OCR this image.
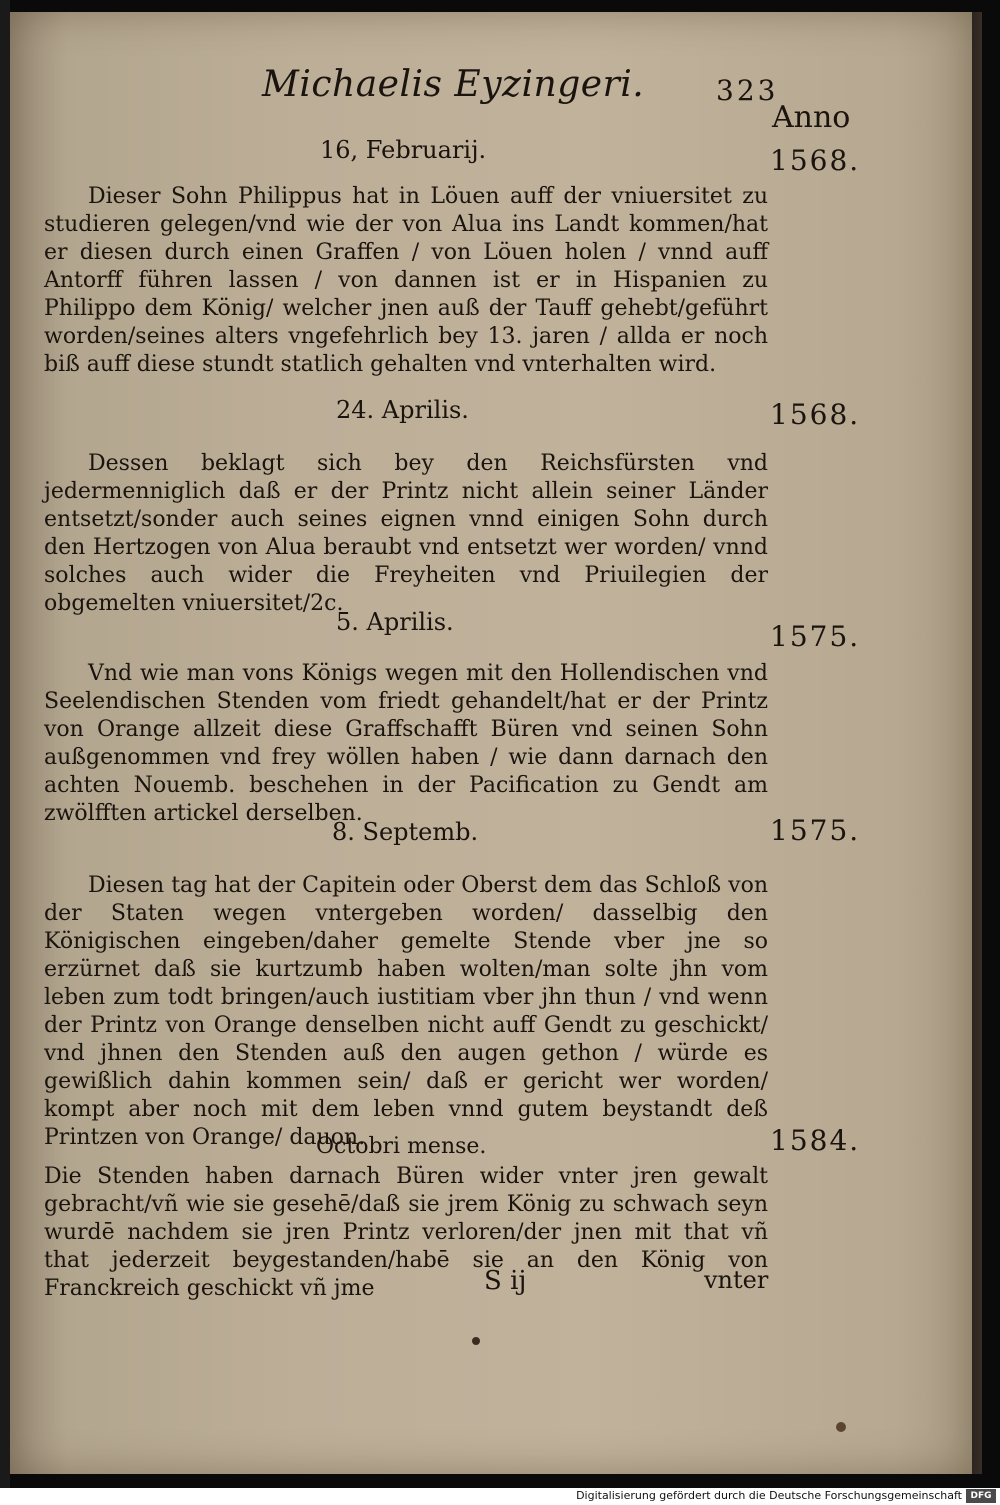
Michaelis Eyzingeri.	323
Anno
16, Februarij.	1568.

Dieser Sohn Philippus hat in Löuen auff der vniuersitet zu studieren gelegen/vnd wie der von Alua ins Landt kommen/hat er diesen durch einen Graffen / von Löuen holen / vnnd auff Antorff führen lassen / von dannen ist er in Hispanien zu Philippo dem König/ welcher jnen auß der Tauff gehebt/geführt worden/seines alters vngefehrlich bey 13. jaren / allda er noch biß auff diese stundt statlich gehalten vnd vnterhalten wird.

24. Aprilis.	1568.

Dessen beklagt sich bey den Reichsfürsten vnd jedermenniglich daß er der Printz nicht allein seiner Länder entsetzt/sonder auch seines eignen vnnd einigen Sohn durch den Hertzogen von Alua beraubt vnd entsetzt wer worden/ vnnd solches auch wider die Freyheiten vnd Priuilegien der obgemelten vniuersitet/2c.

5. Aprilis.	1575.

Vnd wie man vons Königs wegen mit den Hollendischen vnd Seelendischen Stenden vom friedt gehandelt/hat er der Printz von Orange allzeit diese Graffschafft Büren vnd seinen Sohn außgenommen vnd frey wöllen haben / wie dann darnach den achten Nouemb. beschehen in der Pacification zu Gendt am zwölfften artickel derselben.

8. Septemb.	1575.

Diesen tag hat der Capitein oder Oberst dem das Schloß von der Staten wegen vntergeben worden/ dasselbig den Königischen eingeben/daher gemelte Stende vber jne so erzürnet daß sie kurtzumb haben wolten/man solte jhn vom leben zum todt bringen/auch iustitiam vber jhn thun / vnd wenn der Printz von Orange denselben nicht auff Gendt zu geschickt/ vnd jhnen den Stenden auß den augen gethon / würde es gewißlich dahin kommen sein/ daß er gericht wer worden/ kompt aber noch mit dem leben vnnd gutem beystandt deß Printzen von Orange/ dauon.

Octobri mense.	1584.

Die Stenden haben darnach Büren wider vnter jren gewalt gebracht/vñ wie sie gesehē/daß sie jrem König zu schwach seyn wurdē nachdem sie jren Printz verloren/der jnen mit that vñ that jederzeit beygestanden/habē sie an den König von Franckreich geschickt vñ jme	S ij	vnter
Digitalisierung gefördert durch die Deutsche Forschungsgemeinschaft DFG
